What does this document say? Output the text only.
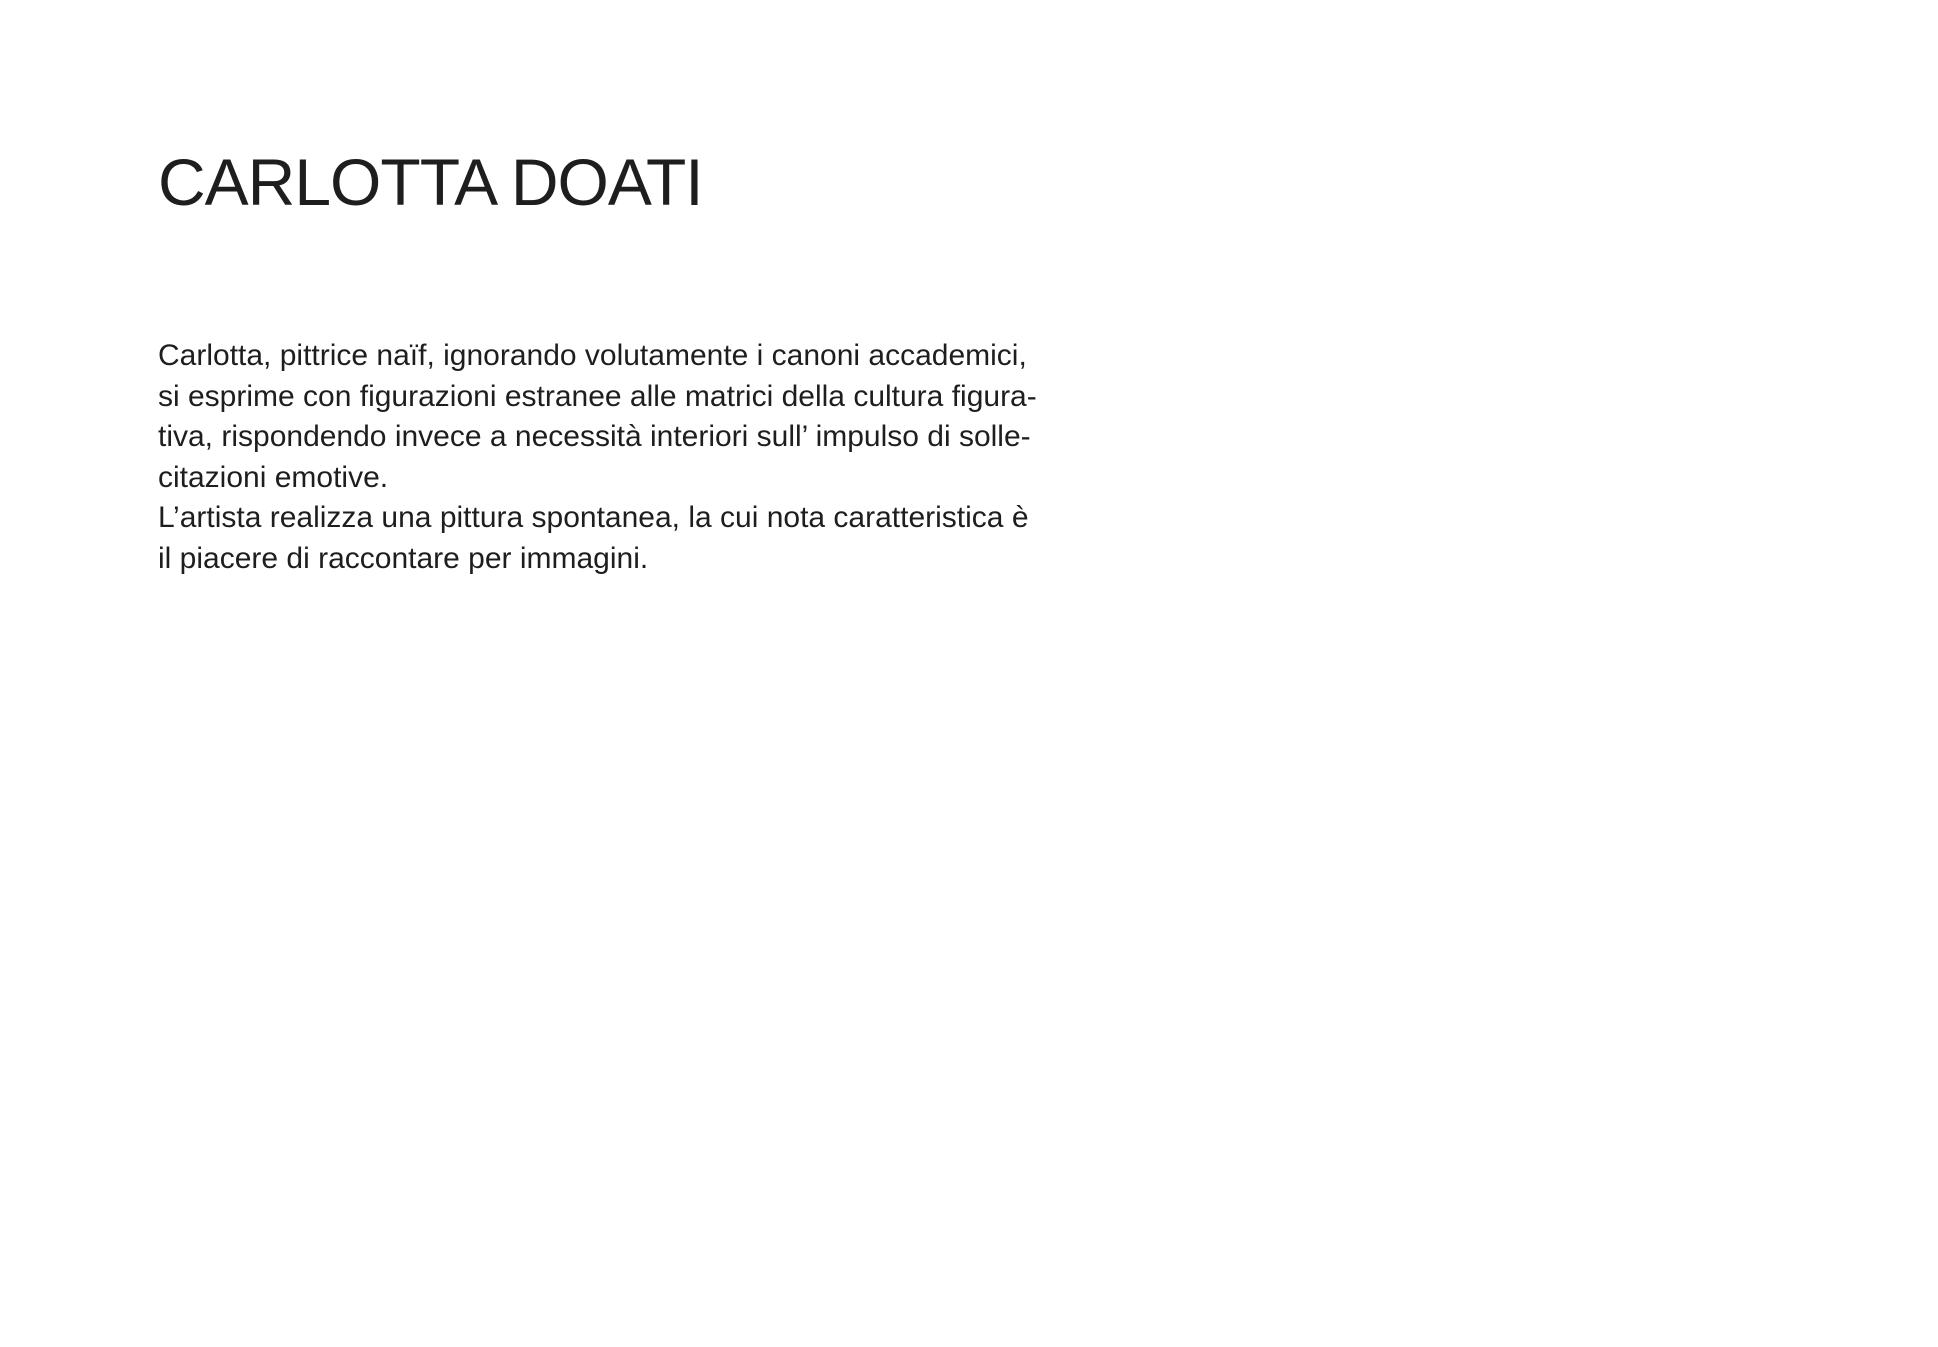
CARLOTTA DOATI
Carlotta, pittrice naïf, ignorando volutamente i canoni accademici,
si esprime con figurazioni estranee alle matrici della cultura figura-
tiva, rispondendo invece a necessità interiori sull’ impulso di solle-
citazioni emotive.
L’artista realizza una pittura spontanea, la cui nota caratteristica è
il piacere di raccontare per immagini.
